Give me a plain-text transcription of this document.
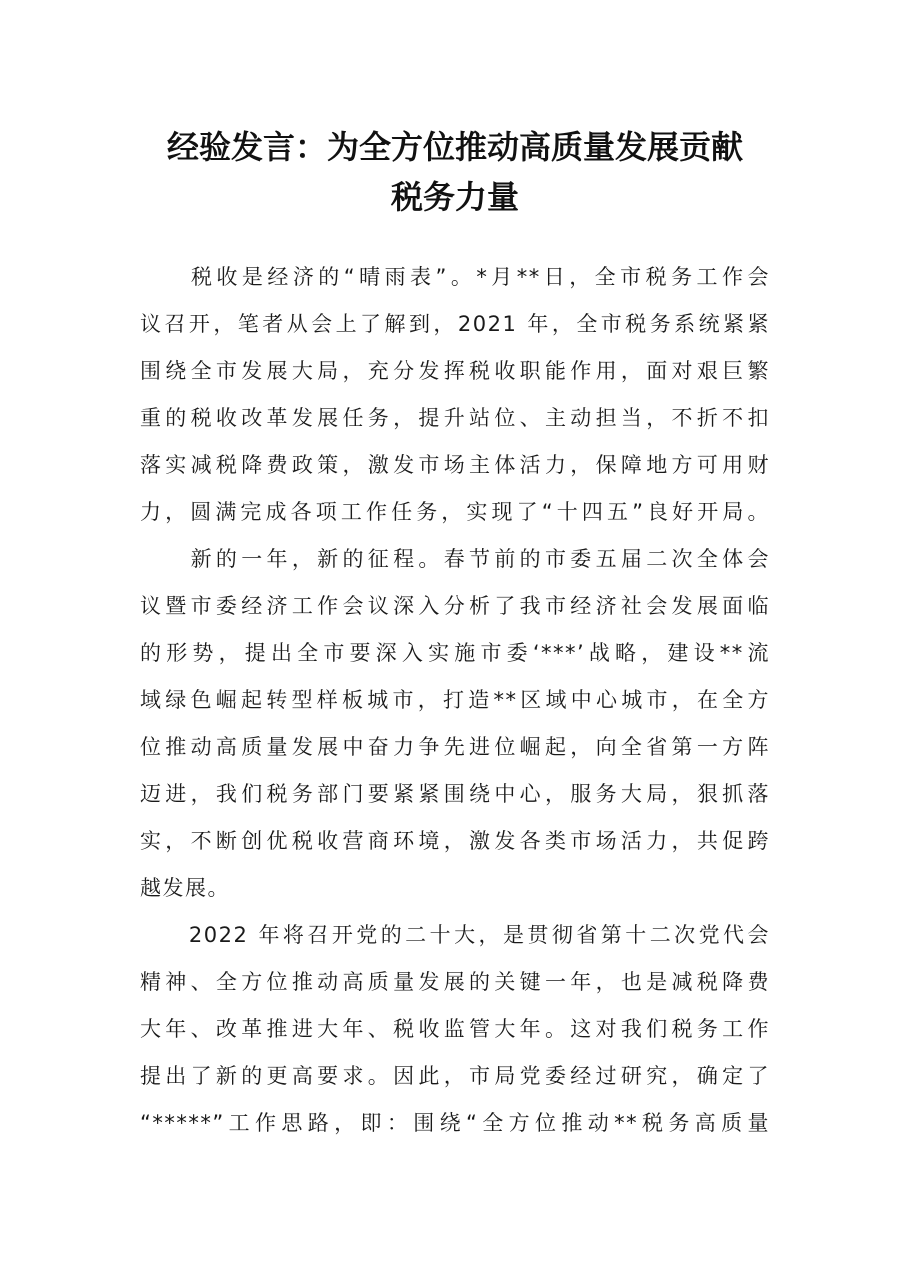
经验发言：为全方位推动高质量发展贡献
税务力量
　　税收是经济的“晴雨表”。*月**日，全市税务工作会
议召开，笔者从会上了解到，2021 年，全市税务系统紧紧
围绕全市发展大局，充分发挥税收职能作用，面对艰巨繁
重的税收改革发展任务，提升站位、主动担当，不折不扣
落实减税降费政策，激发市场主体活力，保障地方可用财
力，圆满完成各项工作任务，实现了“十四五”良好开局。
　　新的一年，新的征程。春节前的市委五届二次全体会
议暨市委经济工作会议深入分析了我市经济社会发展面临
的形势，提出全市要深入实施市委‘***’战略，建设**流
域绿色崛起转型样板城市，打造**区域中心城市，在全方
位推动高质量发展中奋力争先进位崛起，向全省第一方阵
迈进，我们税务部门要紧紧围绕中心，服务大局，狠抓落
实，不断创优税收营商环境，激发各类市场活力，共促跨
越发展。
　　2022 年将召开党的二十大，是贯彻省第十二次党代会
精神、全方位推动高质量发展的关键一年，也是减税降费
大年、改革推进大年、税收监管大年。这对我们税务工作
提出了新的更高要求。因此，市局党委经过研究，确定了
“*****”工作思路，即：围绕“全方位推动**税务高质量
